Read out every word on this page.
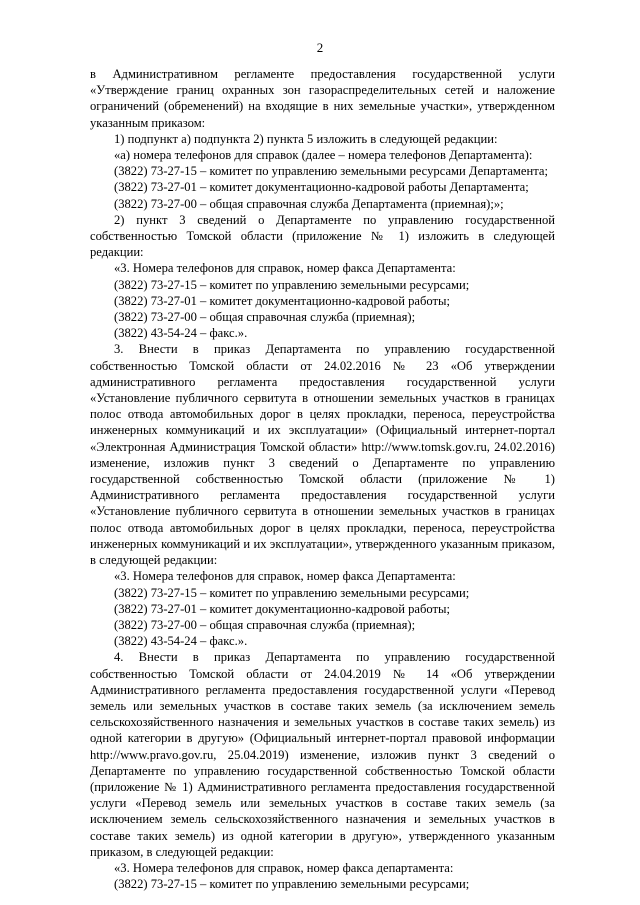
2

в Административном регламенте предоставления государственной услуги «Утверждение границ охранных зон газораспределительных сетей и наложение ограничений (обременений) на входящие в них земельные участки», утвержденном указанным приказом:

1) подпункт а) подпункта 2) пункта 5 изложить в следующей редакции:

«а) номера телефонов для справок (далее – номера телефонов Департамента):

(3822) 73-27-15 – комитет по управлению земельными ресурсами Департамента;

(3822) 73-27-01 – комитет документационно-кадровой работы Департамента;

(3822) 73-27-00 – общая справочная служба Департамента (приемная);»;

2) пункт 3 сведений о Департаменте по управлению государственной собственностью Томской области (приложение № 1) изложить в следующей редакции:

«3. Номера телефонов для справок, номер факса Департамента:

(3822) 73-27-15 – комитет по управлению земельными ресурсами;

(3822) 73-27-01 – комитет документационно-кадровой работы;

(3822) 73-27-00 – общая справочная служба (приемная);

(3822) 43-54-24 – факс.».

3. Внести в приказ Департамента по управлению государственной собственностью Томской области от 24.02.2016 № 23 «Об утверждении административного регламента предоставления государственной услуги «Установление публичного сервитута в отношении земельных участков в границах полос отвода автомобильных дорог в целях прокладки, переноса, переустройства инженерных коммуникаций и их эксплуатации» (Официальный интернет-портал «Электронная Администрация Томской области» http://www.tomsk.gov.ru, 24.02.2016) изменение, изложив пункт 3 сведений о Департаменте по управлению государственной собственностью Томской области (приложение № 1) Административного регламента предоставления государственной услуги «Установление публичного сервитута в отношении земельных участков в границах полос отвода автомобильных дорог в целях прокладки, переноса, переустройства инженерных коммуникаций и их эксплуатации», утвержденного указанным приказом, в следующей редакции:

«3. Номера телефонов для справок, номер факса Департамента:

(3822) 73-27-15 – комитет по управлению земельными ресурсами;

(3822) 73-27-01 – комитет документационно-кадровой работы;

(3822) 73-27-00 – общая справочная служба (приемная);

(3822) 43-54-24 – факс.».

4. Внести в приказ Департамента по управлению государственной собственностью Томской области от 24.04.2019 № 14 «Об утверждении Административного регламента предоставления государственной услуги «Перевод земель или земельных участков в составе таких земель (за исключением земель сельскохозяйственного назначения и земельных участков в составе таких земель) из одной категории в другую» (Официальный интернет-портал правовой информации http://www.pravo.gov.ru, 25.04.2019) изменение, изложив пункт 3 сведений о Департаменте по управлению государственной собственностью Томской области (приложение № 1) Административного регламента предоставления государственной услуги «Перевод земель или земельных участков в составе таких земель (за исключением земель сельскохозяйственного назначения и земельных участков в составе таких земель) из одной категории в другую», утвержденного указанным приказом, в следующей редакции:

«3. Номера телефонов для справок, номер факса департамента:

(3822) 73-27-15 – комитет по управлению земельными ресурсами;
